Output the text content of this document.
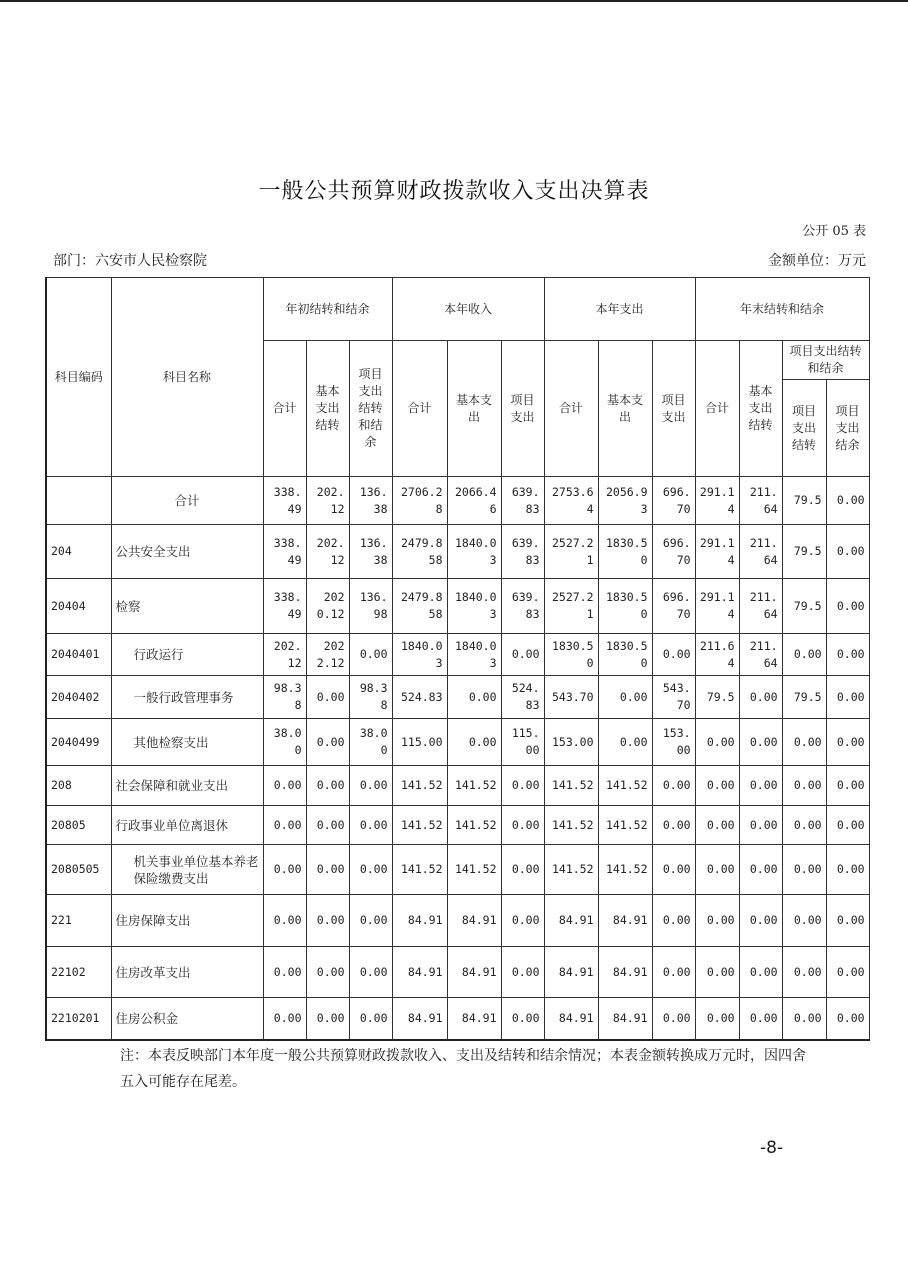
一般公共预算财政拨款收入支出决算表
公开 05 表
部门：六安市人民检察院	金额单位：万元
科目编码	科目名称	年初结转和结余			本年收入			本年支出			年末结转和结余			
		合计	基本支出结转	项目支出结转和结余	合计	基本支出	项目支出	合计	基本支出	项目支出	合计	基本支出结转	项目支出结转和结余	
													项目支出结转	项目支出结余
	合计	338.49	202.12	136.38	2706.28	2066.46	639.83	2753.64	2056.93	696.70	291.14	211.64	79.5	0.00
204	公共安全支出	338.49	202.12	136.38	2479.858	1840.03	639.83	2527.21	1830.50	696.70	291.14	211.64	79.5	0.00
20404	检察	338.49	2020.12	136.98	2479.858	1840.03	639.83	2527.21	1830.50	696.70	291.14	211.64	79.5	0.00
2040401	行政运行	202.12	2022.12	0.00	1840.03	1840.03	0.00	1830.50	1830.50	0.00	211.64	211.64	0.00	0.00
2040402	一般行政管理事务	98.38	0.00	98.38	524.83	0.00	524.83	543.70	0.00	543.70	79.5	0.00	79.5	0.00
2040499	其他检察支出	38.00	0.00	38.00	115.00	0.00	115.00	153.00	0.00	153.00	0.00	0.00	0.00	0.00
208	社会保障和就业支出	0.00	0.00	0.00	141.52	141.52	0.00	141.52	141.52	0.00	0.00	0.00	0.00	0.00
20805	行政事业单位离退休	0.00	0.00	0.00	141.52	141.52	0.00	141.52	141.52	0.00	0.00	0.00	0.00	0.00
2080505	机关事业单位基本养老保险缴费支出	0.00	0.00	0.00	141.52	141.52	0.00	141.52	141.52	0.00	0.00	0.00	0.00	0.00
221	住房保障支出	0.00	0.00	0.00	84.91	84.91	0.00	84.91	84.91	0.00	0.00	0.00	0.00	0.00
22102	住房改革支出	0.00	0.00	0.00	84.91	84.91	0.00	84.91	84.91	0.00	0.00	0.00	0.00	0.00
2210201	住房公积金	0.00	0.00	0.00	84.91	84.91	0.00	84.91	84.91	0.00	0.00	0.00	0.00	0.00
注：本表反映部门本年度一般公共预算财政拨款收入、支出及结转和结余情况；本表金额转换成万元时，因四舍五入可能存在尾差。
-8-
